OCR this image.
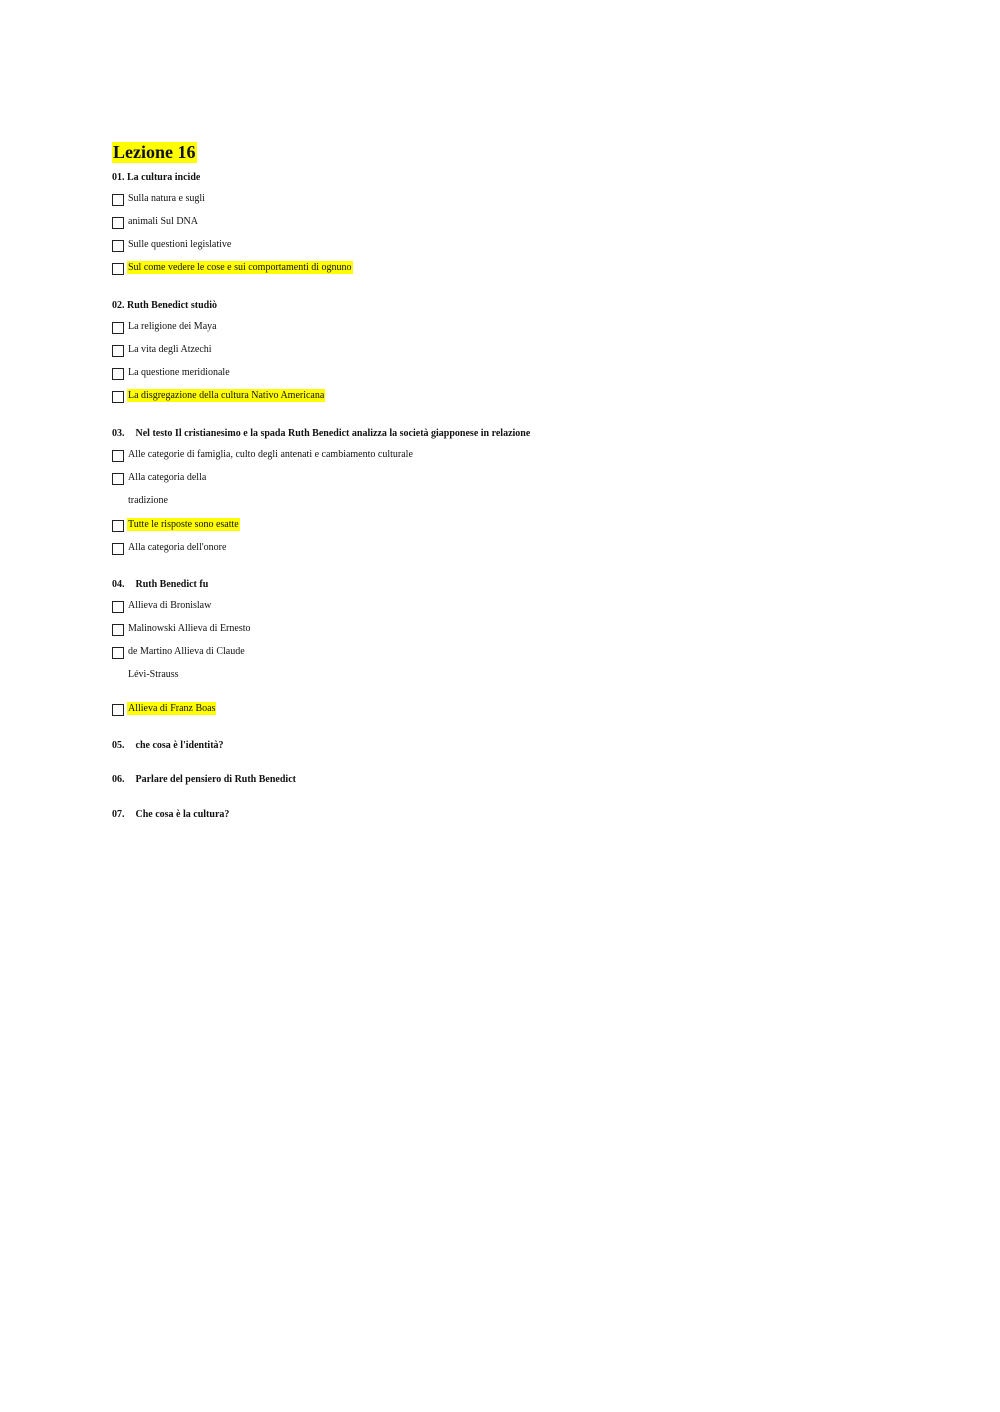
Lezione 16
01. La cultura incide
Sulla natura e sugli
animali Sul DNA
Sulle questioni legislative
Sul come vedere le cose e sui comportamenti di ognuno
02. Ruth Benedict studiò
La religione dei Maya
La vita degli Atzechi
La questione meridionale
La disgregazione della cultura Nativo Americana
03. Nel testo Il cristianesimo e la spada Ruth Benedict analizza la società giapponese in relazione
Alle categorie di famiglia, culto degli antenati e cambiamento culturale
Alla categoria della
tradizione
Tutte le risposte sono esatte
Alla categoria dell'onore
04. Ruth Benedict fu
Allieva di Bronislaw
Malinowski Allieva di Ernesto
de Martino Allieva di Claude
Lévi-Strauss
Allieva di Franz Boas
05. che cosa è l'identità?
06. Parlare del pensiero di Ruth Benedict
07. Che cosa è la cultura?
